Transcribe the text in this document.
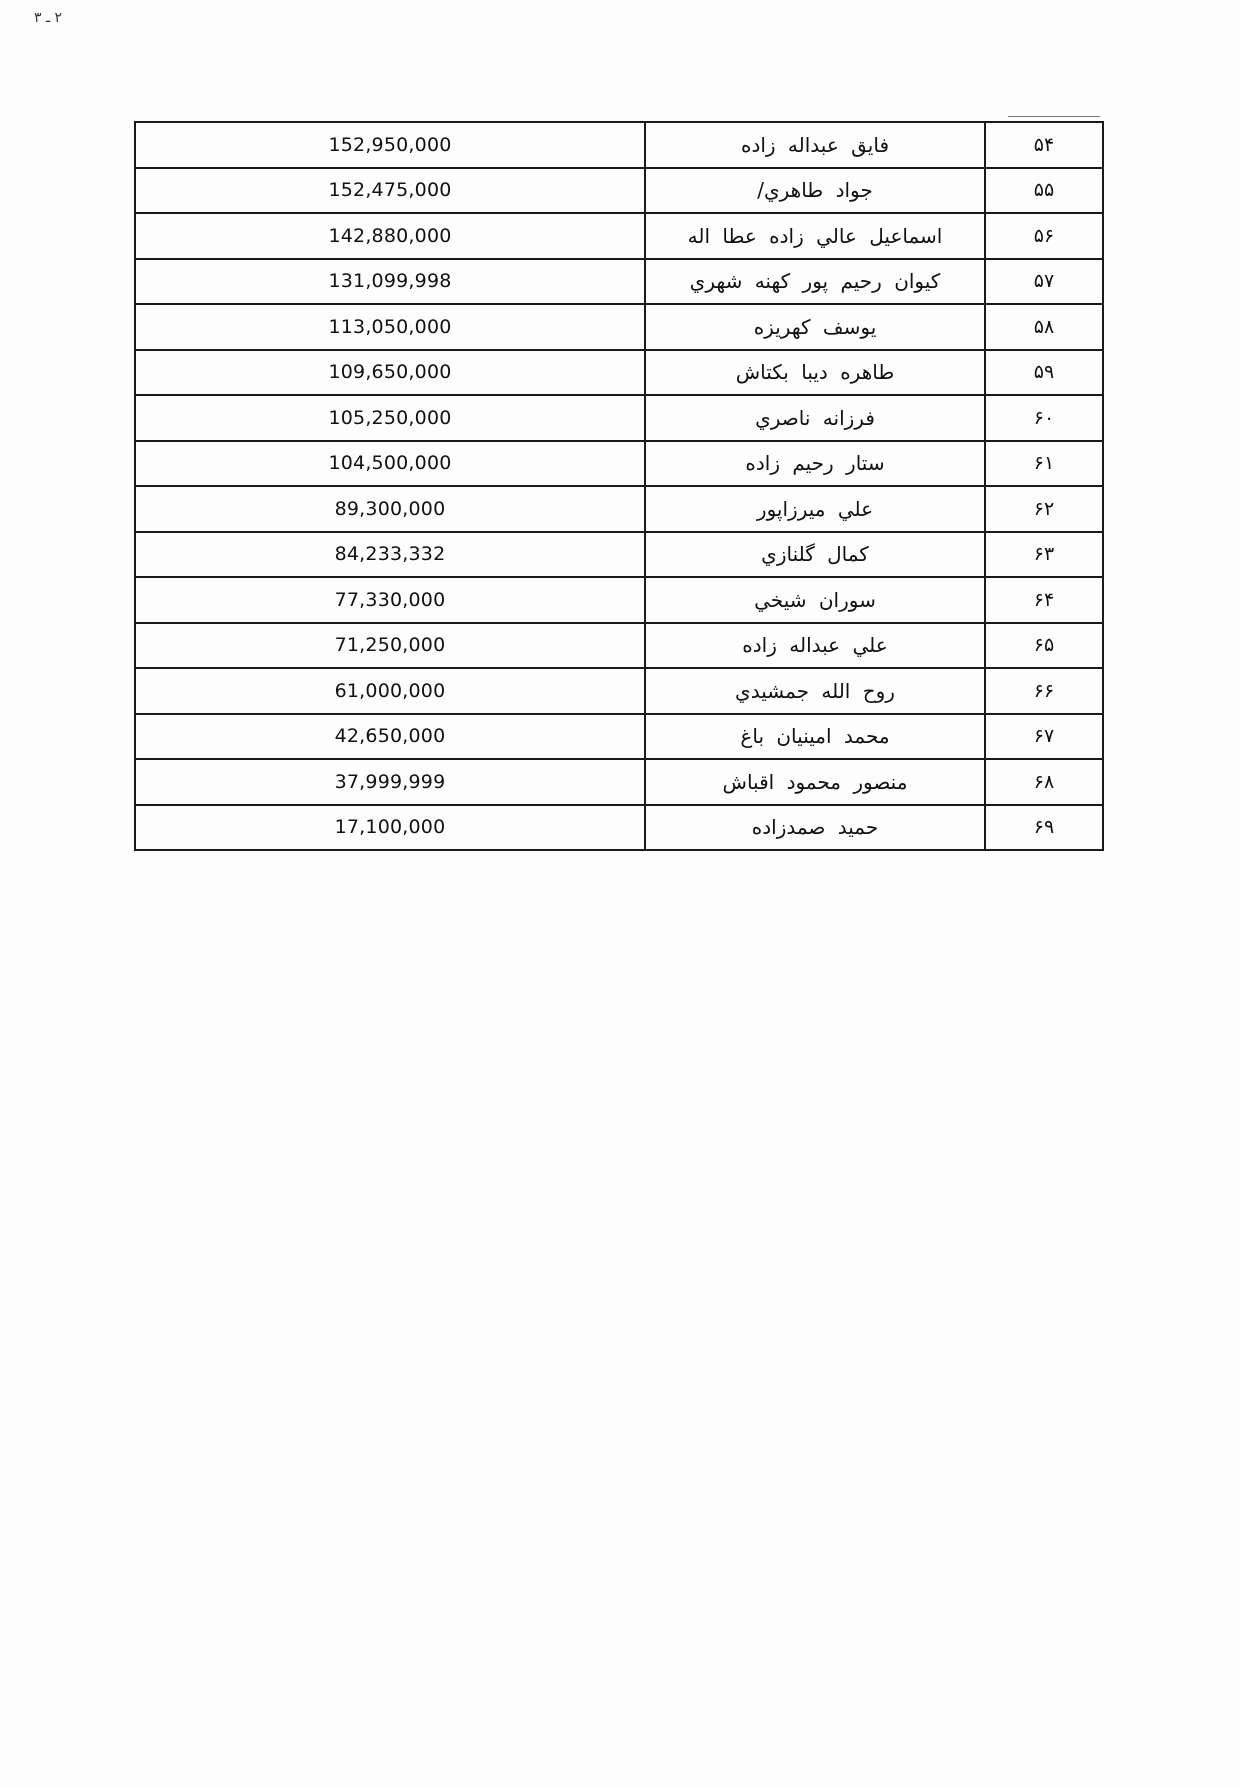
٢ ـ ٣
152,950,000	فایق عبداله زاده	۵۴
152,475,000	جواد طاهري/	۵۵
142,880,000	اسماعیل عالي زاده عطا اله	۵۶
131,099,998	کیوان رحیم پور کهنه شهري	۵۷
113,050,000	یوسف کهریزه	۵۸
109,650,000	طاهره دیبا بکتاش	۵۹
105,250,000	فرزانه ناصري	۶۰
104,500,000	ستار رحیم زاده	۶۱
89,300,000	علي میرزاپور	۶۲
84,233,332	کمال گلنازي	۶۳
77,330,000	سوران شیخي	۶۴
71,250,000	علي عبداله زاده	۶۵
61,000,000	روح الله جمشیدي	۶۶
42,650,000	محمد امینیان باغ	۶۷
37,999,999	منصور محمود اقباش	۶۸
17,100,000	حمید صمدزاده	۶۹
